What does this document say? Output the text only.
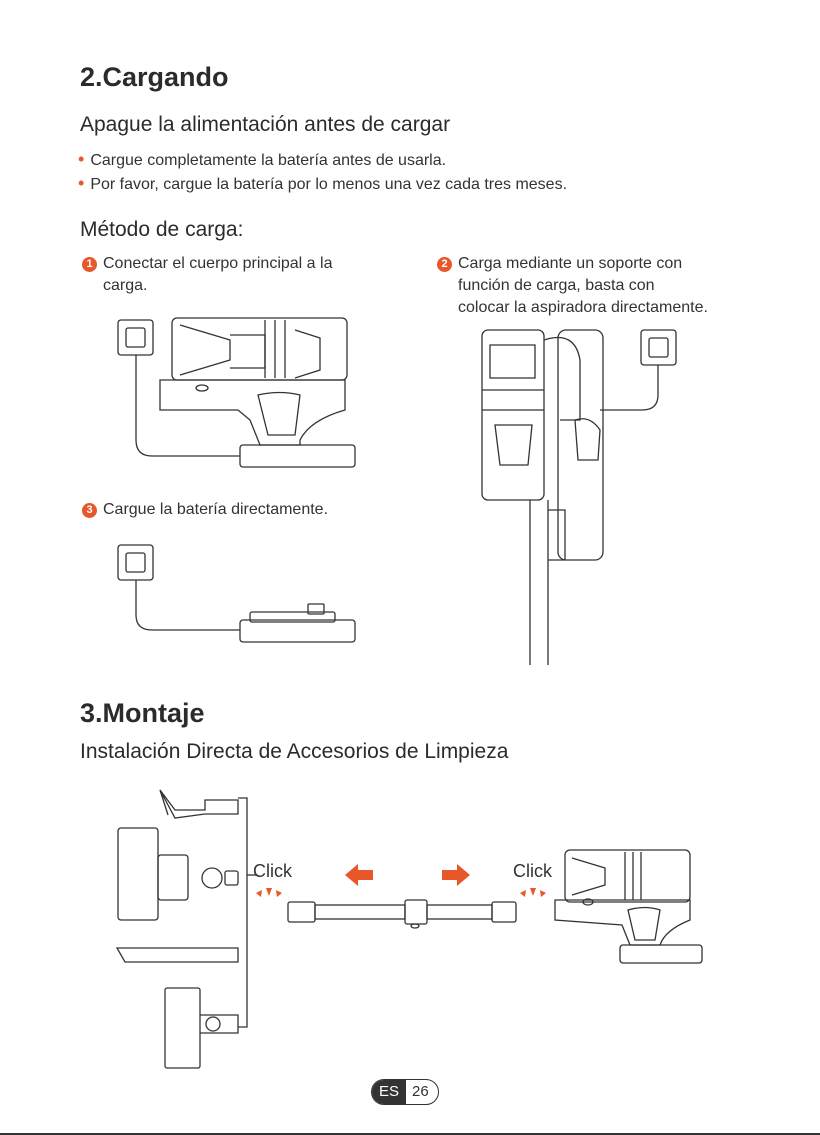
2.Cargando
Apague la alimentación antes de cargar
• Cargue completamente la batería antes de usarla.
• Por favor, cargue la batería por lo menos una vez cada tres meses.
Método de carga:
1 Conectar el cuerpo principal a la
carga.
2 Carga mediante un soporte con
función de carga, basta con
colocar la aspiradora directamente.
3 Cargue la batería directamente.
3.Montaje
Instalación Directa de Accesorios de Limpieza
Click	Click
ES 26
